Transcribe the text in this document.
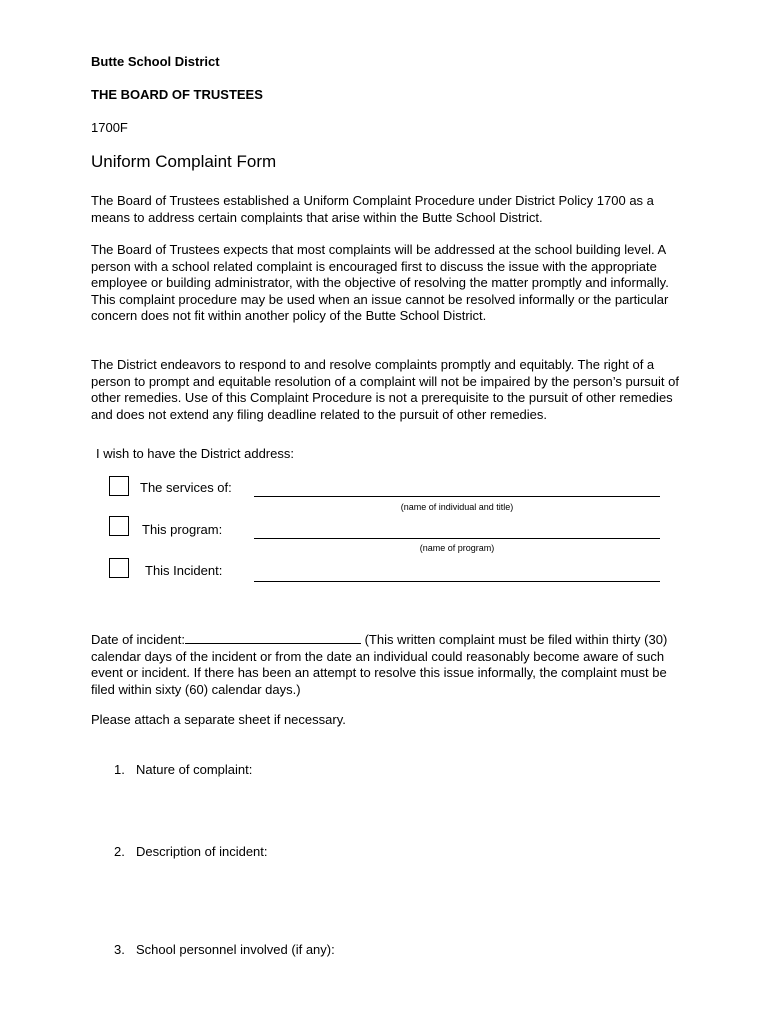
Butte School District
THE BOARD OF TRUSTEES
1700F
Uniform Complaint Form
The Board of Trustees established a Uniform Complaint Procedure under District Policy 1700 as a means to address certain complaints that arise within the Butte School District.
The Board of Trustees expects that most complaints will be addressed at the school building level. A person with a school related complaint is encouraged first to discuss the issue with the appropriate employee or building administrator, with the objective of resolving the matter promptly and informally. This complaint procedure may be used when an issue cannot be resolved informally or the particular concern does not fit within another policy of the Butte School District.
The District endeavors to respond to and resolve complaints promptly and equitably. The right of a person to prompt and equitable resolution of a complaint will not be impaired by the person’s pursuit of other remedies. Use of this Complaint Procedure is not a prerequisite to the pursuit of other remedies and does not extend any filing deadline related to the pursuit of other remedies.
I wish to have the District address:
The services of:
(name of individual and title)
This program:
(name of program)
This Incident:
Date of incident:	(This written complaint must be filed within thirty (30) calendar days of the incident or from the date an individual could reasonably become aware of such event or incident. If there has been an attempt to resolve this issue informally, the complaint must be filed within sixty (60) calendar days.)
Please attach a separate sheet if necessary.
1. Nature of complaint:
2. Description of incident:
3. School personnel involved (if any):
